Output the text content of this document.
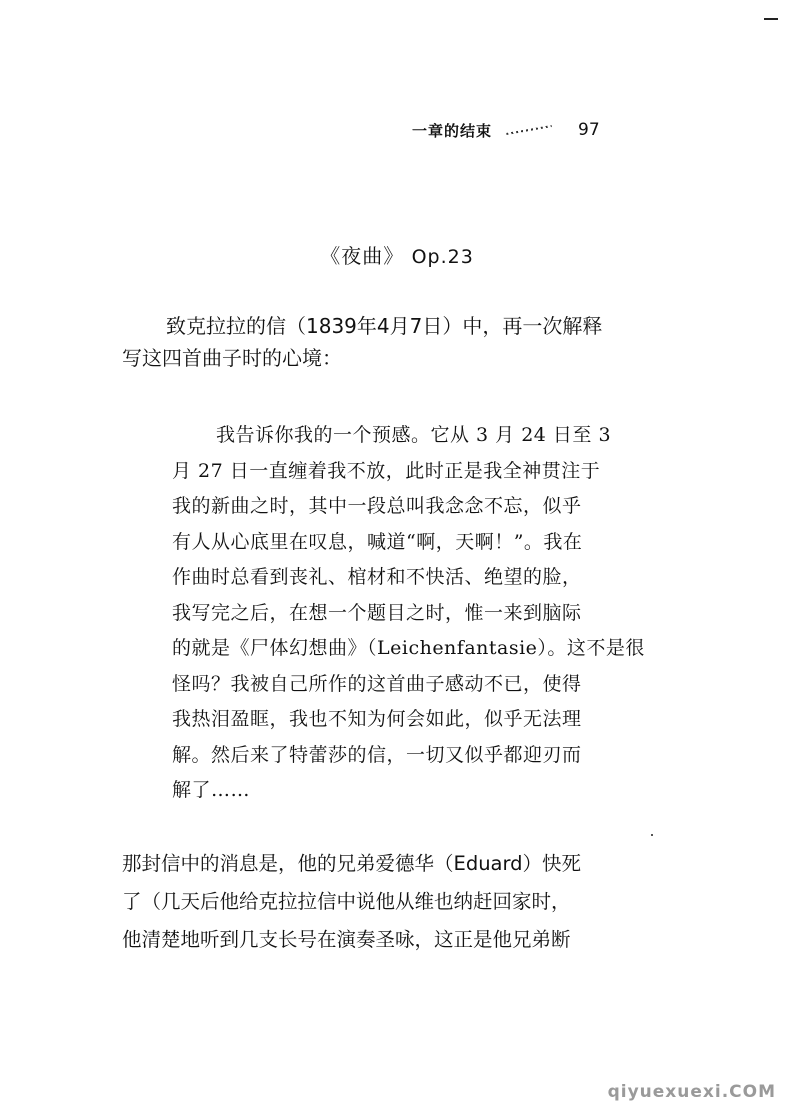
一章的结束	97
《夜曲》 Op.23
致克拉拉的信（1839年4月7日）中，再一次解释
写这四首曲子时的心境：
我告诉你我的一个预感。它从 3 月 24 日至 3
月 27 日一直缠着我不放，此时正是我全神贯注于
我的新曲之时，其中一段总叫我念念不忘，似乎
有人从心底里在叹息，喊道“啊，天啊！”。我在
作曲时总看到丧礼、棺材和不快活、绝望的脸，
我写完之后，在想一个题目之时，惟一来到脑际
的就是《尸体幻想曲》（Leichenfantasie）。这不是很
怪吗？我被自己所作的这首曲子感动不已，使得
我热泪盈眶，我也不知为何会如此，似乎无法理
解。然后来了特蕾莎的信，一切又似乎都迎刃而
解了……
那封信中的消息是，他的兄弟爱德华（Eduard）快死
了（几天后他给克拉拉信中说他从维也纳赶回家时，
他清楚地听到几支长号在演奏圣咏，这正是他兄弟断
qiyuexuexi.COM
